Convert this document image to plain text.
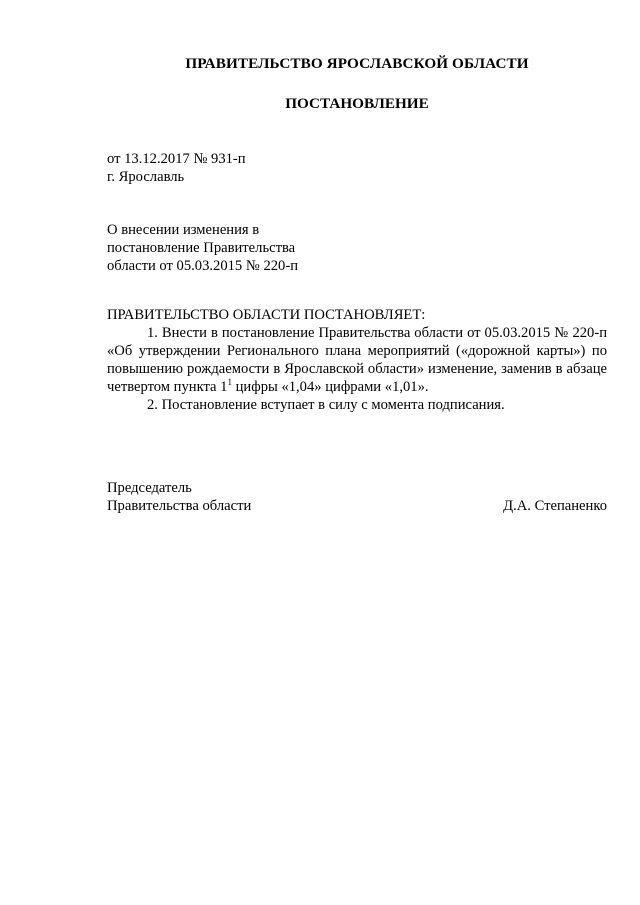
ПРАВИТЕЛЬСТВО ЯРОСЛАВСКОЙ ОБЛАСТИ

ПОСТАНОВЛЕНИЕ

от 13.12.2017 № 931-п
г. Ярославль
О внесении изменения в
постановление Правительства
области от 05.03.2015 № 220-п
ПРАВИТЕЛЬСТВО ОБЛАСТИ ПОСТАНОВЛЯЕТ:

1. Внести в постановление Правительства области от 05.03.2015 № 220-п «Об утверждении Регионального плана мероприятий («дорожной карты») по повышению рождаемости в Ярославской области» изменение, заменив в абзаце четвертом пункта $1^1$ цифры «1,04» цифрами «1,01».

2. Постановление вступает в силу с момента подписания.

Председатель
Правительства области	Д.А. Степаненко
